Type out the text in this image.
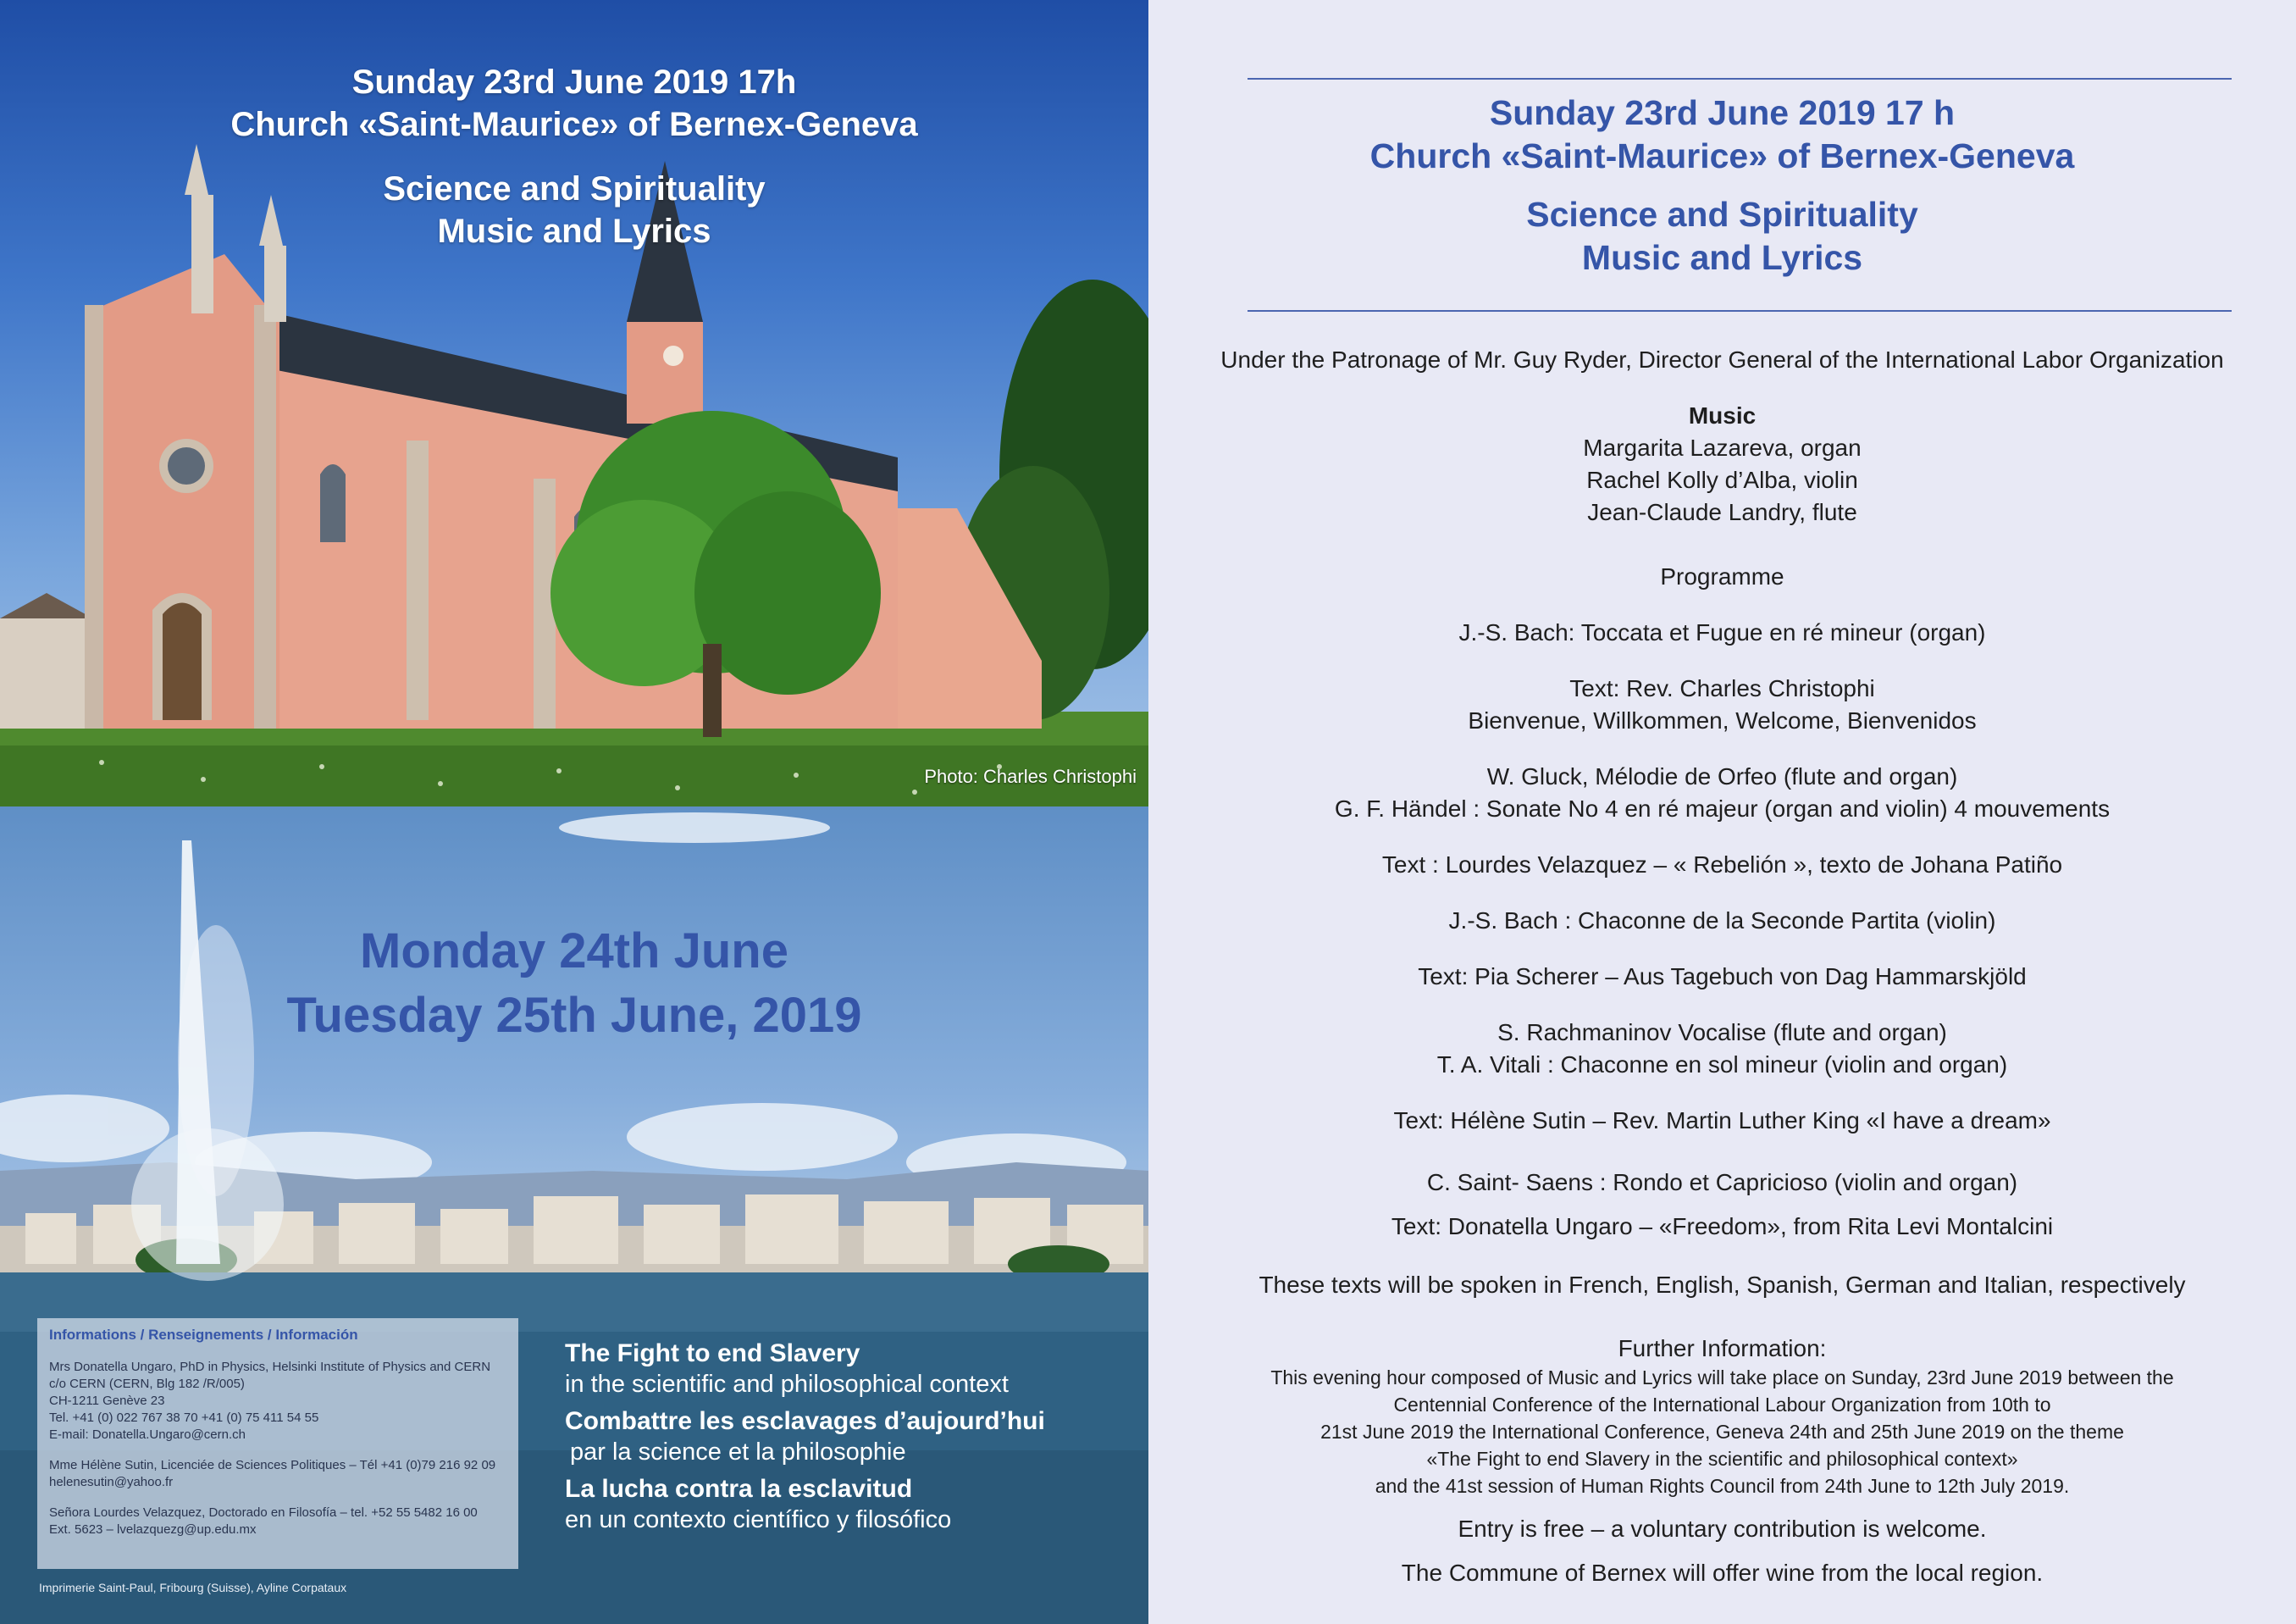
Sunday 23rd June 2019 17h
Church «Saint-Maurice» of Bernex-Geneva
Science and Spirituality
Music and Lyrics
Photo: Charles Christophi
Informations / Renseignements / Información
Mrs Donatella Ungaro, PhD in Physics, Helsinki Institute of Physics and CERN
c/o CERN (CERN, Blg 182 /R/005)
CH-1211 Genève 23
Tel. +41 (0) 022 767 38 70 +41 (0) 75 411 54 55
E-mail: Donatella.Ungaro@cern.ch
Mme Hélène Sutin, Licenciée de Sciences Politiques – Tél +41 (0)79 216 92 09
helenesutin@yahoo.fr
Señora Lourdes Velazquez, Doctorado en Filosofía – tel. +52 55 5482 16 00
Ext. 5623 – lvelazquezg@up.edu.mx
Monday 24th June
Tuesday 25th June, 2019
Imprimerie Saint-Paul, Fribourg (Suisse), Ayline Corpataux
The Fight to end Slavery
in the scientific and philosophical context
Combattre les esclavages d’aujourd’hui
par la science et la philosophie
La lucha contra la esclavitud
en un contexto científico y filosófico
Sunday 23rd June 2019 17 h
Church «Saint-Maurice» of Bernex-Geneva
Science and Spirituality
Music and Lyrics
Under the Patronage of Mr. Guy Ryder, Director General of the International Labor Organization
Music
Margarita Lazareva, organ
Rachel Kolly d’Alba, violin
Jean-Claude Landry, flute
Programme
J.-S. Bach: Toccata et Fugue en ré mineur (organ)
Text: Rev. Charles Christophi
Bienvenue, Willkommen, Welcome, Bienvenidos
W. Gluck, Mélodie de Orfeo (flute and organ)
G. F. Händel : Sonate No 4 en ré majeur (organ and violin) 4 mouvements
Text : Lourdes Velazquez – « Rebelión », texto de Johana Patiño
J.-S. Bach : Chaconne de la Seconde Partita (violin)
Text: Pia Scherer – Aus Tagebuch von Dag Hammarskjöld
S. Rachmaninov Vocalise (flute and organ)
T. A. Vitali : Chaconne en sol mineur (violin and organ)
Text: Hélène Sutin – Rev. Martin Luther King «I have a dream»
C. Saint- Saens : Rondo et Capricioso (violin and organ)
Text: Donatella Ungaro – «Freedom», from Rita Levi Montalcini
These texts will be spoken in French, English, Spanish, German and Italian, respectively
Further Information:
This evening hour composed of Music and Lyrics will take place on Sunday, 23rd June 2019 between the
Centennial Conference of the International Labour Organization from 10th to
21st June 2019 the International Conference, Geneva 24th and 25th June 2019 on the theme
«The Fight to end Slavery in the scientific and philosophical context»
and the 41st session of Human Rights Council from 24th June to 12th July 2019.
Entry is free – a voluntary contribution is welcome.
The Commune of Bernex will offer wine from the local region.
